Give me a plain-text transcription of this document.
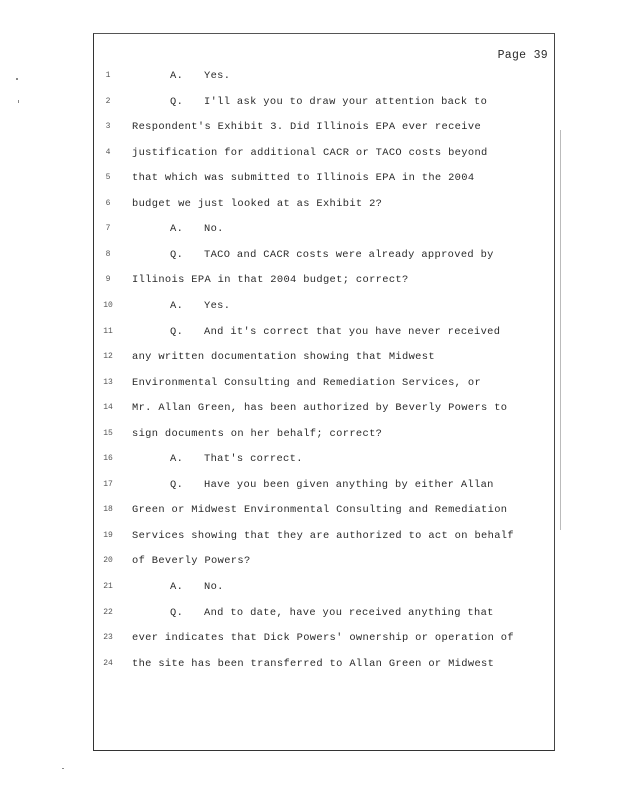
Page 39
1	A. Yes.
2	Q. I'll ask you to draw your attention back to
3	Respondent's Exhibit 3. Did Illinois EPA ever receive
4	justification for additional CACR or TACO costs beyond
5	that which was submitted to Illinois EPA in the 2004
6	budget we just looked at as Exhibit 2?
7	A. No.
8	Q. TACO and CACR costs were already approved by
9	Illinois EPA in that 2004 budget; correct?
10	A. Yes.
11	Q. And it's correct that you have never received
12	any written documentation showing that Midwest
13	Environmental Consulting and Remediation Services, or
14	Mr. Allan Green, has been authorized by Beverly Powers to
15	sign documents on her behalf; correct?
16	A. That's correct.
17	Q. Have you been given anything by either Allan
18	Green or Midwest Environmental Consulting and Remediation
19	Services showing that they are authorized to act on behalf
20	of Beverly Powers?
21	A. No.
22	Q. And to date, have you received anything that
23	ever indicates that Dick Powers' ownership or operation of
24	the site has been transferred to Allan Green or Midwest
